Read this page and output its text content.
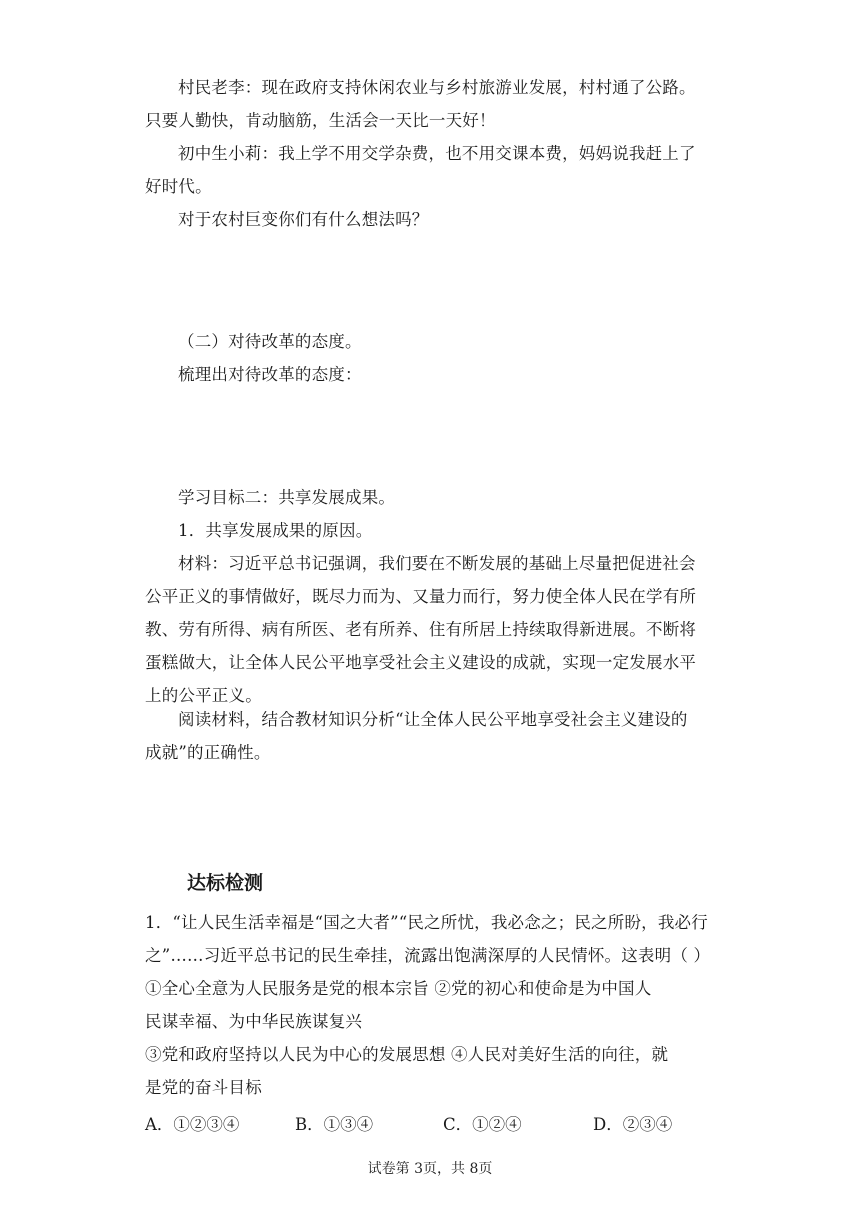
村民老李：现在政府支持休闲农业与乡村旅游业发展，村村通了公路。
只要人勤快，肯动脑筋，生活会一天比一天好！
初中生小莉：我上学不用交学杂费，也不用交课本费，妈妈说我赶上了
好时代。
对于农村巨变你们有什么想法吗？
（二）对待改革的态度。
梳理出对待改革的态度：
学习目标二：共享发展成果。
1．共享发展成果的原因。
材料：习近平总书记强调，我们要在不断发展的基础上尽量把促进社会
公平正义的事情做好，既尽力而为、又量力而行，努力使全体人民在学有所
教、劳有所得、病有所医、老有所养、住有所居上持续取得新进展。不断将
蛋糕做大，让全体人民公平地享受社会主义建设的成就，实现一定发展水平
上的公平正义。
阅读材料，结合教材知识分析“让全体人民公平地享受社会主义建设的
成就”的正确性。
达标检测
1．“让人民生活幸福是“国之大者”“民之所忧，我必念之；民之所盼，我必行
之”……习近平总书记的民生牵挂，流露出饱满深厚的人民情怀。这表明（ ）
①全心全意为人民服务是党的根本宗旨 ②党的初心和使命是为中国人
民谋幸福、为中华民族谋复兴
③党和政府坚持以人民为中心的发展思想 ④人民对美好生活的向往，就
是党的奋斗目标
A．①②③④	B．①③④	C．①②④	D．②③④
试卷第 3页，共 8页
